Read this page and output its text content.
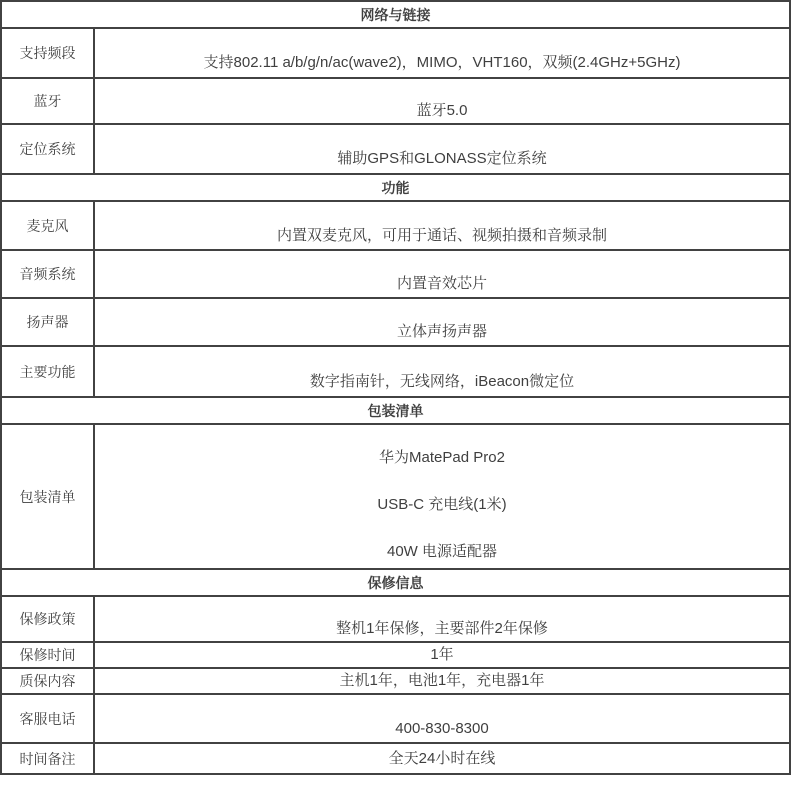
网络与链接	
支持频段	支持802.11 a/b/g/n/ac(wave2)，MIMO，VHT160，双频(2.4GHz+5GHz)
蓝牙	蓝牙5.0
定位系统	辅助GPS和GLONASS定位系统
功能	
麦克风	内置双麦克风，可用于通话、视频拍摄和音频录制
音频系统	内置音效芯片
扬声器	立体声扬声器
主要功能	数字指南针，无线网络，iBeacon微定位
包装清单	
包装清单	华为MatePad Pro2

USB-C 充电线(1米)

40W 电源适配器

保修信息	
保修政策	整机1年保修，主要部件2年保修
保修时间	1年
质保内容	主机1年，电池1年，充电器1年
客服电话	400-830-8300
时间备注	全天24小时在线
